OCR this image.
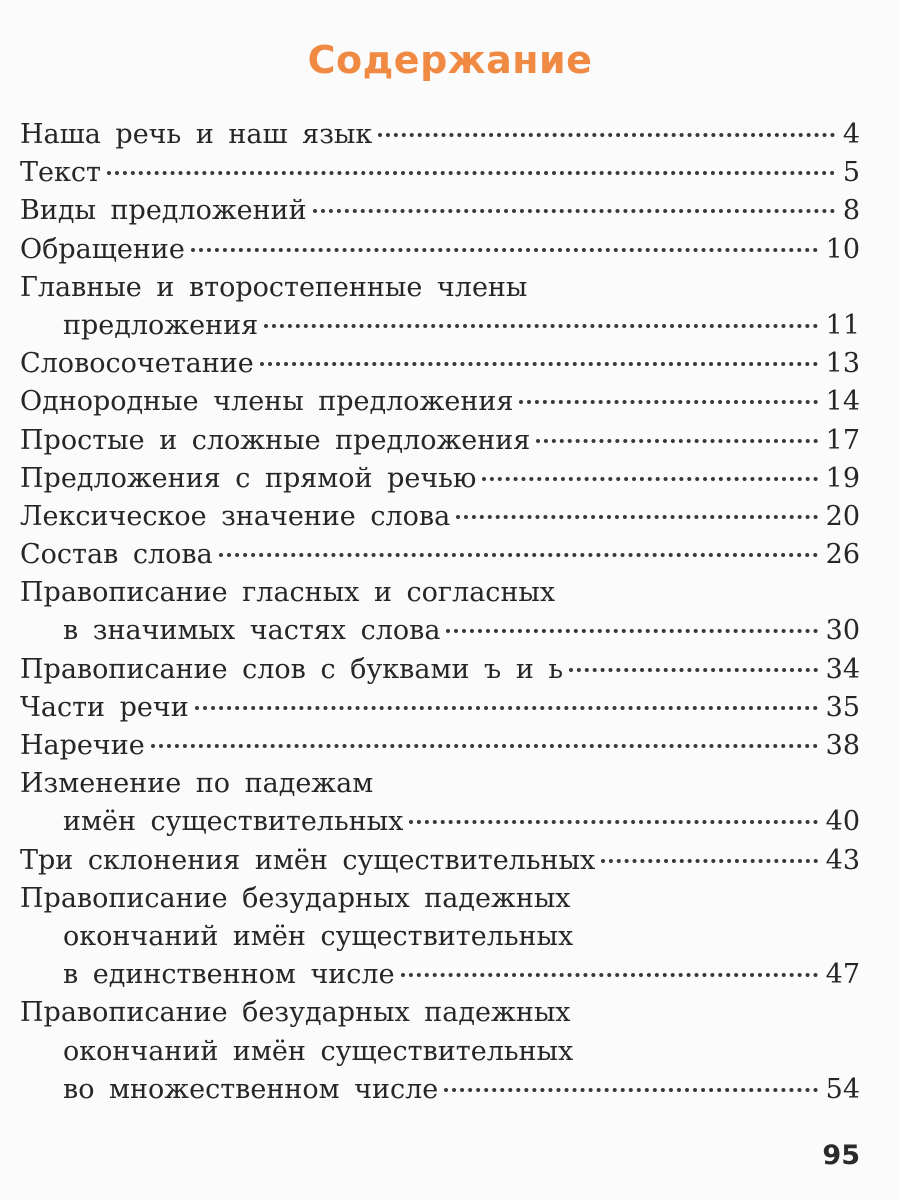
Содержание
Наша речь и наш язык	4
Текст	5
Виды предложений	8
Обращение	10
Главные и второстепенные члены
предложения	11
Словосочетание	13
Однородные члены предложения	14
Простые и сложные предложения	17
Предложения с прямой речью	19
Лексическое значение слова	20
Состав слова	26
Правописание гласных и согласных
в значимых частях слова	30
Правописание слов с буквами ъ и ь	34
Части речи	35
Наречие	38
Изменение по падежам
имён существительных	40
Три склонения имён существительных	43
Правописание безударных падежных
окончаний имён существительных
в единственном числе	47
Правописание безударных падежных
окончаний имён существительных
во множественном числе	54
95
